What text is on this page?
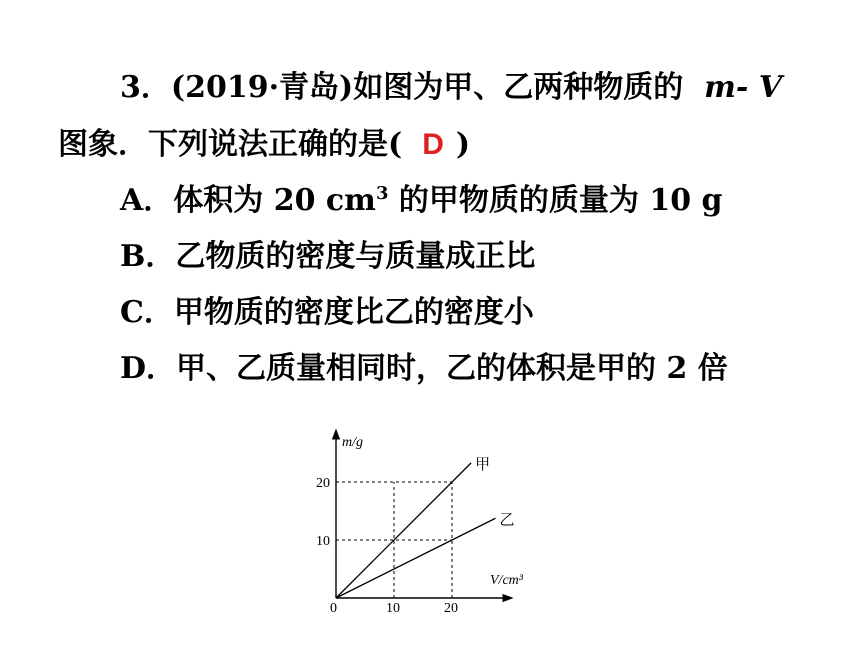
3．(2019·青岛)如图为甲、乙两种物质的 m- V
图象．下列说法正确的是( D )
A．体积为 20 $cm^3$ 的甲物质的质量为 10 g
B．乙物质的密度与质量成正比
C．甲物质的密度比乙的密度小
D．甲、乙质量相同时，乙的体积是甲的 2 倍
甲
乙
10	20
10
20
m/g
V/cm³
0
